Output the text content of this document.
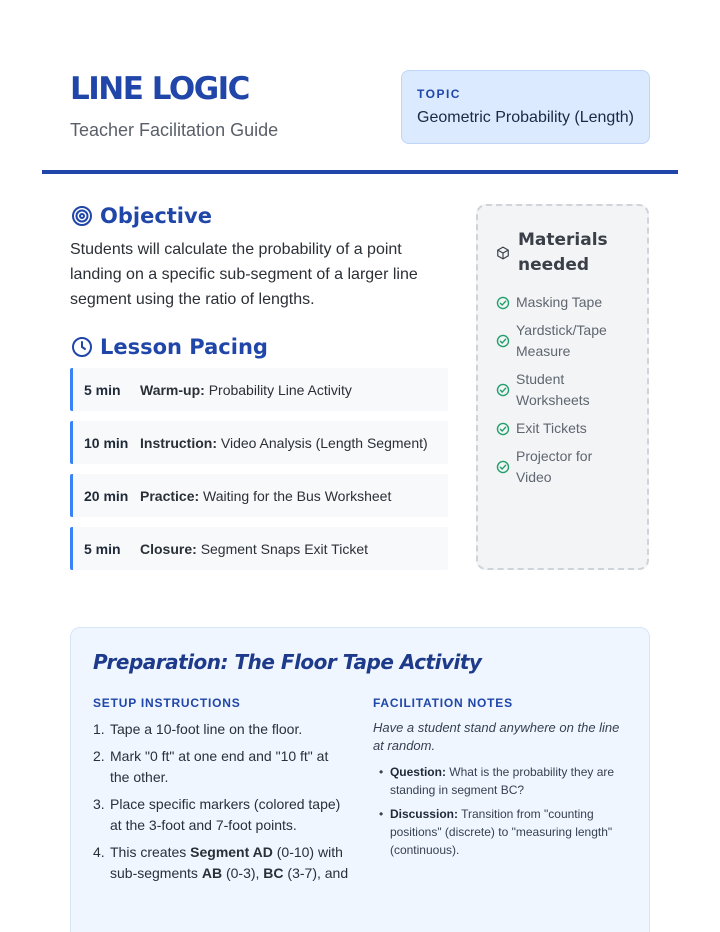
LINE LOGIC
Teacher Facilitation Guide
TOPIC
Geometric Probability (Length)
Objective
Students will calculate the probability of a point landing on a specific sub-segment of a larger line segment using the ratio of lengths.
Lesson Pacing
5 min	Warm-up: Probability Line Activity
10 min Instruction: Video Analysis (Length Segment)
20 min Practice: Waiting for the Bus Worksheet
5 min	Closure: Segment Snaps Exit Ticket
Materials needed
Masking Tape
Yardstick/Tape Measure
Student Worksheets
Exit Tickets
Projector for Video
Preparation: The Floor Tape Activity
SETUP INSTRUCTIONS
1. Tape a 10-foot line on the floor.
2. Mark "0 ft" at one end and "10 ft" at the other.
3. Place specific markers (colored tape) at the 3-foot and 7-foot points.
4. This creates Segment AD (0-10) with sub-segments AB (0-3), BC (3-7), and
FACILITATION NOTES
Have a student stand anywhere on the line at random.
• Question: What is the probability they are standing in segment BC?
• Discussion: Transition from "counting positions" (discrete) to "measuring length" (continuous).
